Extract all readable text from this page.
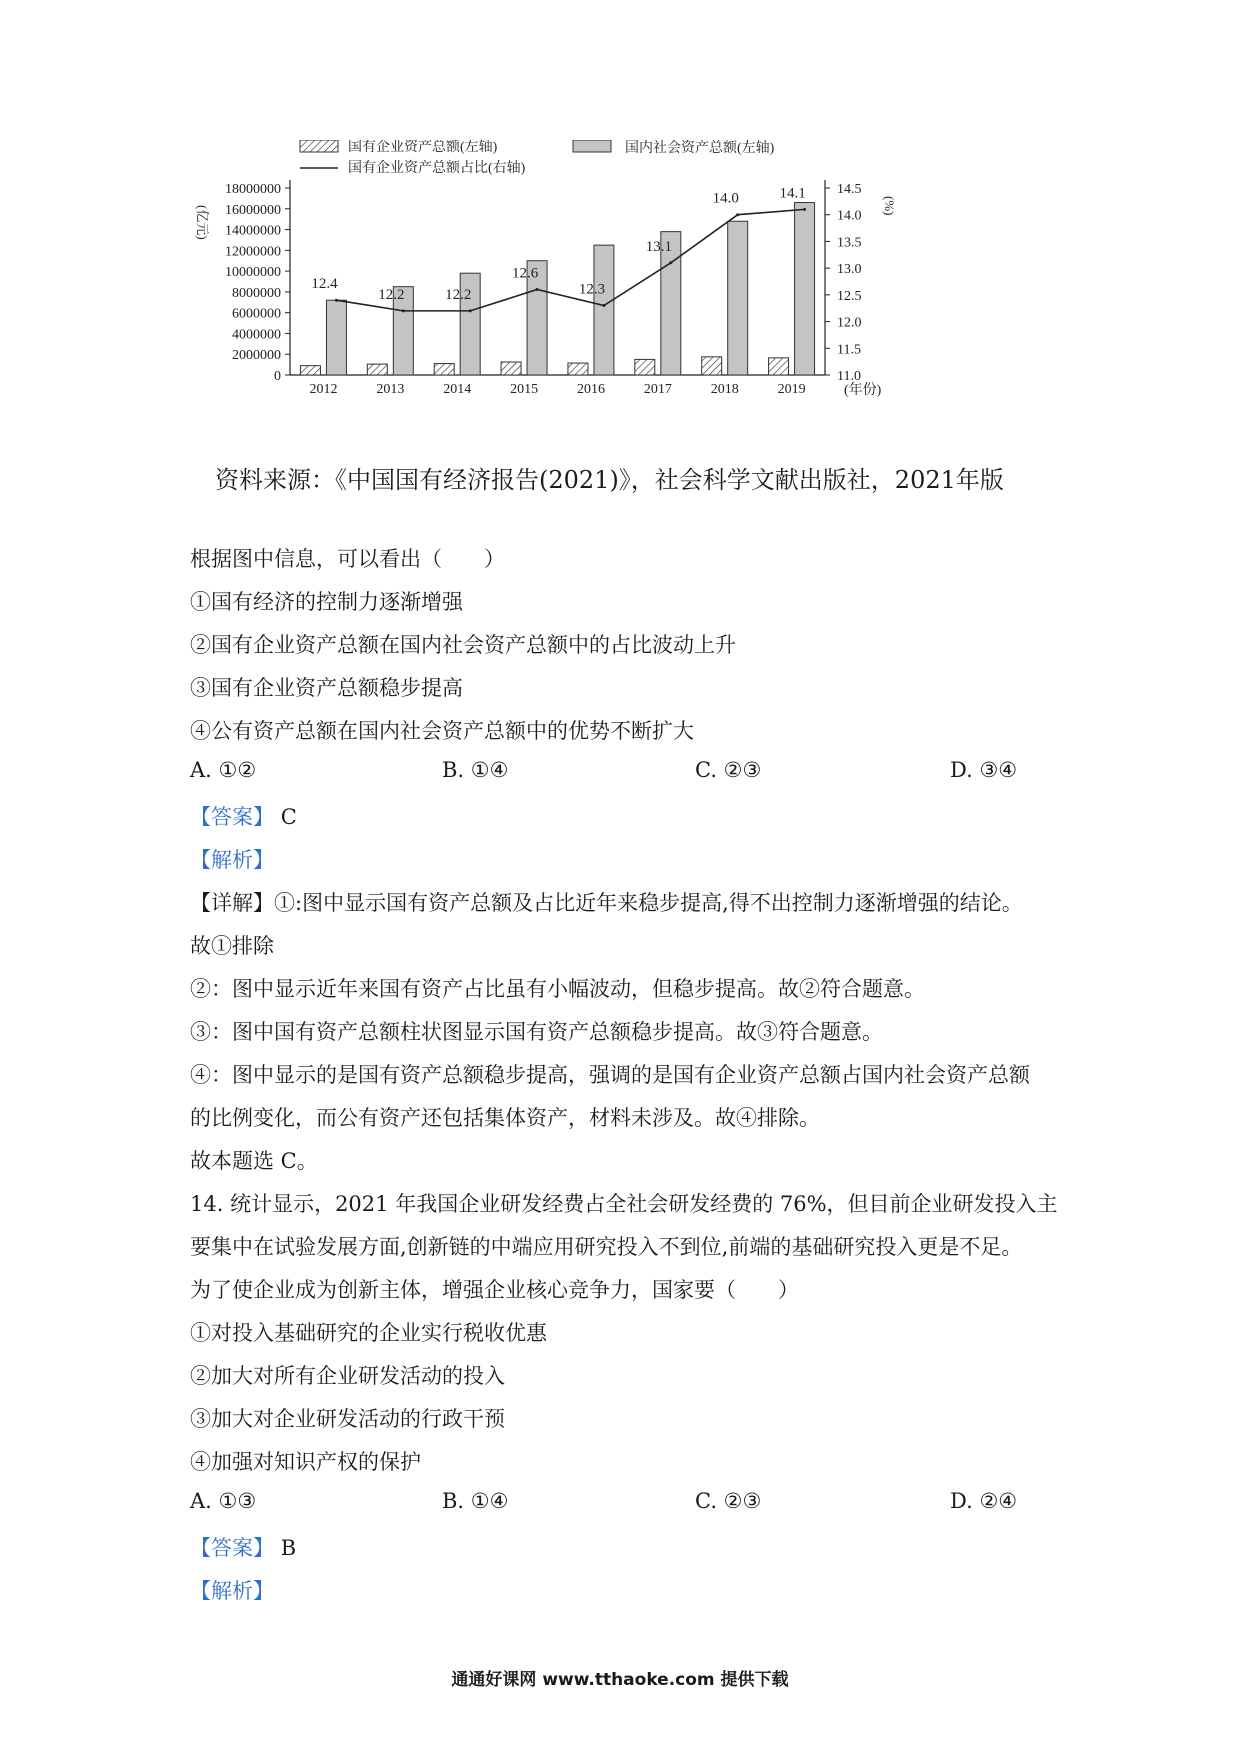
0
2000000
4000000
6000000
8000000
10000000
12000000
14000000
16000000
18000000
11.0
11.5
12.0
12.5
13.0
13.5
14.0
14.5
(亿元)	(%)
(年份)
2012	2013	2014	2015	2016	2017	2018	2019
12.4
12.2	12.2
12.6
12.3
13.1
14.0	14.1
国有企业资产总额(左轴)	国内社会资产总额(左轴)
国有企业资产总额占比(右轴)
资料来源：《中国国有经济报告(2021)》，社会科学文献出版社，2021年版
根据图中信息，可以看出（　　）
①国有经济的控制力逐渐增强
②国有企业资产总额在国内社会资产总额中的占比波动上升
③国有企业资产总额稳步提高
④公有资产总额在国内社会资产总额中的优势不断扩大
A. ①②	B. ①④	C. ②③	D. ③④
【答案】 C
【解析】
【详解】①:图中显示国有资产总额及占比近年来稳步提高,得不出控制力逐渐增强的结论。
故①排除
②：图中显示近年来国有资产占比虽有小幅波动，但稳步提高。故②符合题意。
③：图中国有资产总额柱状图显示国有资产总额稳步提高。故③符合题意。
④：图中显示的是国有资产总额稳步提高，强调的是国有企业资产总额占国内社会资产总额
的比例变化，而公有资产还包括集体资产，材料未涉及。故④排除。
故本题选 C。
14. 统计显示，2021 年我国企业研发经费占全社会研发经费的 76%，但目前企业研发投入主
要集中在试验发展方面,创新链的中端应用研究投入不到位,前端的基础研究投入更是不足。
为了使企业成为创新主体，增强企业核心竞争力，国家要（　　）
①对投入基础研究的企业实行税收优惠
②加大对所有企业研发活动的投入
③加大对企业研发活动的行政干预
④加强对知识产权的保护
A. ①③	B. ①④	C. ②③	D. ②④
【答案】 B
【解析】
通通好课网 www.tthaoke.com 提供下载
